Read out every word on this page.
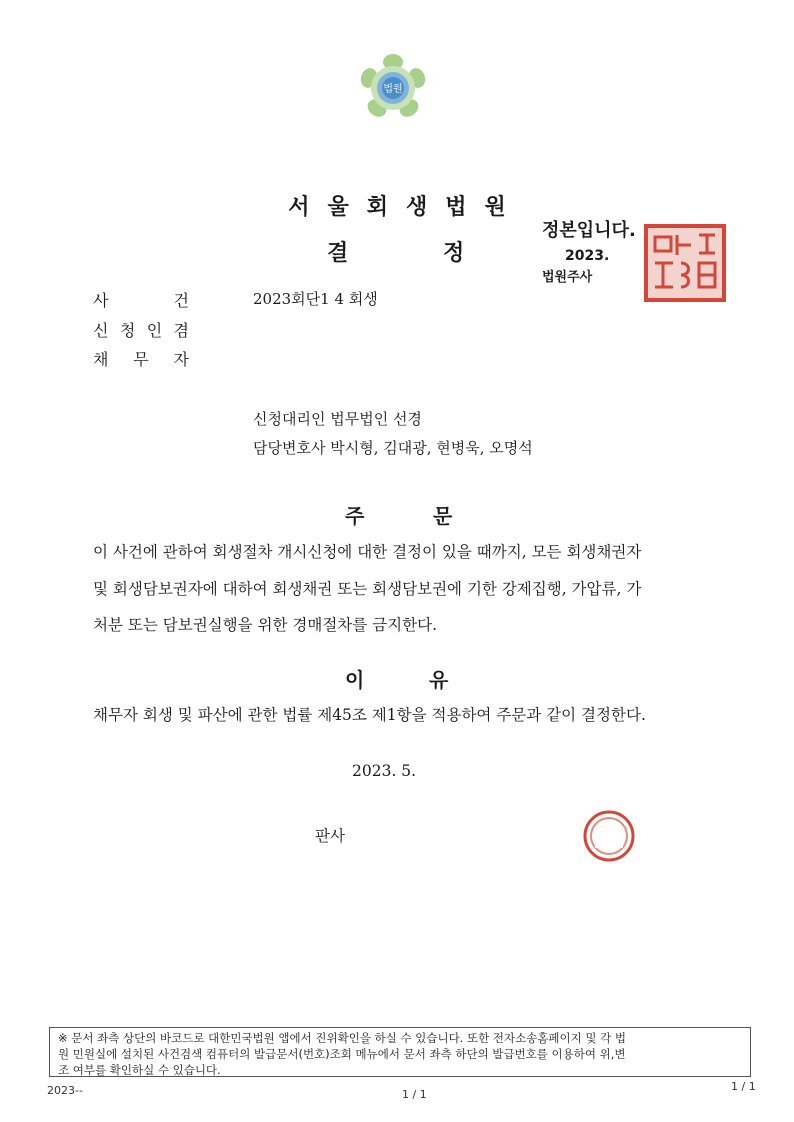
법원
서울회생법원
결	정
정본입니다.
2023.
법원주사
사	건	2023회단1 4 회생
신 청 인 겸
채 무 자
신청대리인 법무법인 선경
담당변호사 박시형, 김대광, 현병욱, 오명석
주	문
이 사건에 관하여 회생절차 개시신청에 대한 결정이 있을 때까지, 모든 회생채권자
및 회생담보권자에 대하여 회생채권 또는 회생담보권에 기한 강제집행, 가압류, 가
처분 또는 담보권실행을 위한 경매절차를 금지한다.
이	유
채무자 회생 및 파산에 관한 법률 제45조 제1항을 적용하여 주문과 같이 결정한다.
2023. 5.
판사
※ 문서 좌측 상단의 바코드로 대한민국법원 앱에서 진위확인을 하실 수 있습니다. 또한 전자소송홈페이지 및 각 법
원 민원실에 설치된 사건검색 컴퓨터의 발급문서(번호)조회 메뉴에서 문서 좌측 하단의 발급번호를 이용하여 위,변
조 여부를 확인하실 수 있습니다.
2023--	1 / 1
1 / 1
